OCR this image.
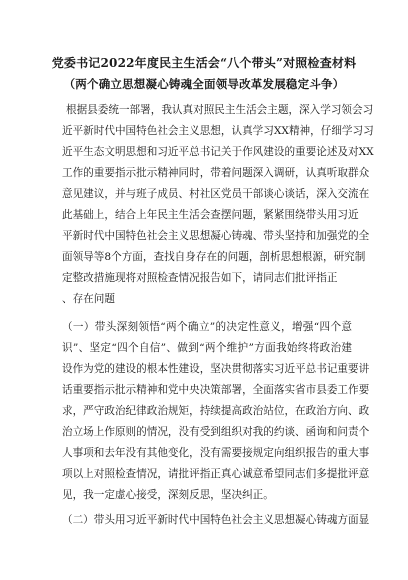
党委书记2022年度民主生活会“八个带头”对照检查材料
（两个确立思想凝心铸魂全面领导改革发展稳定斗争）
根据县委统一部署，我认真对照民主生活会主题，深入学习领会习
近平新时代中国特色社会主义思想，认真学习XX精神，仔细学习习
近平生态文明思想和习近平总书记关于作风建设的重要论述及对XX
工作的重要指示批示精神同时，带着问题深入调研，认真听取群众
意见建议，并与班子成员、村社区党员干部谈心谈话，深入交流在
此基础上，结合上年民主生活会查摆问题，紧紧围绕带头用习近
平新时代中国特色社会主义思想凝心铸魂、带头坚持和加强党的全
面领导等8个方面，查找自身存在的问题，剖析思想根源，研究制
定整改措施现将对照检查情况报告如下，请同志们批评指正
、存在问题
（一）带头深刻领悟“两个确立”的决定性意义，增强“四个意
识”、坚定“四个自信”、做到“两个维护”方面我始终将政治建
设作为党的建设的根本性建设，坚决贯彻落实习近平总书记重要讲
话重要指示批示精神和党中央决策部署，全面落实省市县委工作要
求，严守政治纪律政治规矩，持续提高政治站位，在政治方向、政
治立场上作原则的情况，没有受到组织对我的约谈、函询和问责个
人事项和去年没有其他变化，没有需要接规定向组织报告的重大事
项以上对照检查情况，请批评指正真心诚意希望同志们多提批评意
见，我一定虚心接受，深刻反思，坚决纠正。
（二）带头用习近平新时代中国特色社会主义思想凝心铸魂方面显
